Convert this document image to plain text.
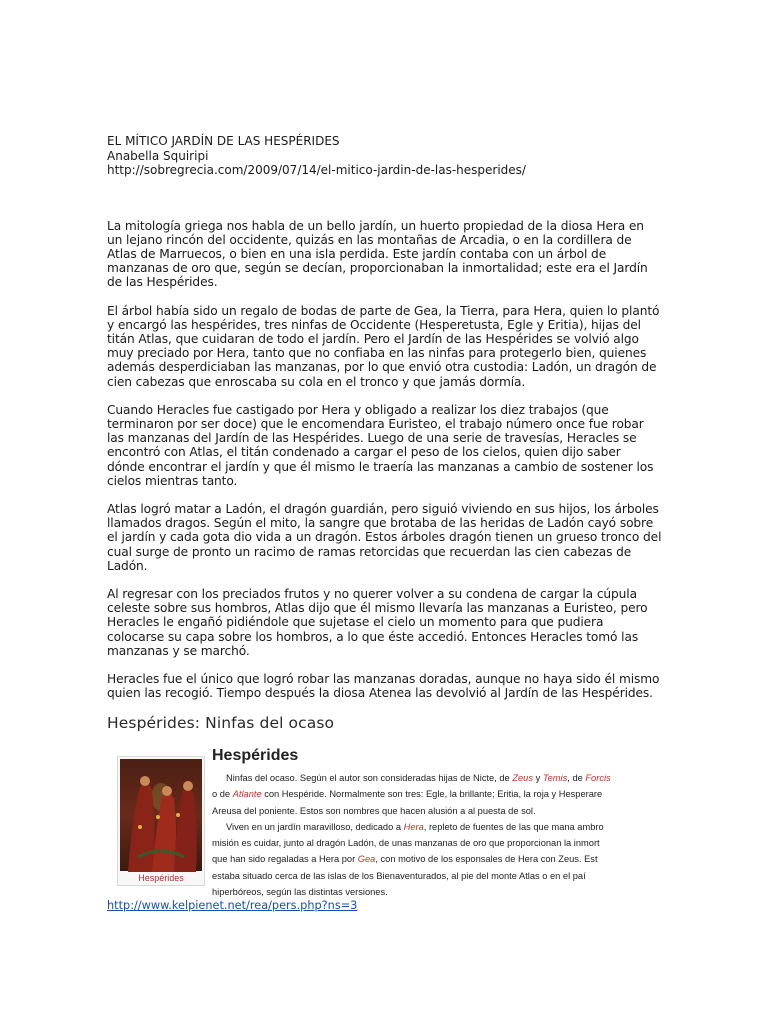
EL MÍTICO JARDÍN DE LAS HESPÉRIDES

Anabella Squiripi

http://sobregrecia.com/2009/07/14/el-mitico-jardin-de-las-hesperides/

La mitología griega nos habla de un bello jardín, un huerto propiedad de la diosa Hera en un lejano rincón del occidente, quizás en las montañas de Arcadia, o en la cordillera de Atlas de Marruecos, o bien en una isla perdida. Este jardín contaba con un árbol de manzanas de oro que, según se decían, proporcionaban la inmortalidad; este era el Jardín de las Hespérides.

El árbol había sido un regalo de bodas de parte de Gea, la Tierra, para Hera, quien lo plantó y encargó las hespérides, tres ninfas de Occidente (Hesperetusta, Egle y Eritia), hijas del titán Atlas, que cuidaran de todo el jardín. Pero el Jardín de las Hespérides se volvió algo muy preciado por Hera, tanto que no confiaba en las ninfas para protegerlo bien, quienes además desperdiciaban las manzanas, por lo que envió otra custodia: Ladón, un dragón de cien cabezas que enroscaba su cola en el tronco y que jamás dormía.

Cuando Heracles fue castigado por Hera y obligado a realizar los diez trabajos (que terminaron por ser doce) que le encomendara Euristeo, el trabajo número once fue robar las manzanas del Jardín de las Hespérides. Luego de una serie de travesías, Heracles se encontró con Atlas, el titán condenado a cargar el peso de los cielos, quien dijo saber dónde encontrar el jardín y que él mismo le traería las manzanas a cambio de sostener los cielos mientras tanto.

Atlas logró matar a Ladón, el dragón guardián, pero siguió viviendo en sus hijos, los árboles llamados dragos. Según el mito, la sangre que brotaba de las heridas de Ladón cayó sobre el jardín y cada gota dio vida a un dragón. Estos árboles dragón tienen un grueso tronco del cual surge de pronto un racimo de ramas retorcidas que recuerdan las cien cabezas de Ladón.

Al regresar con los preciados frutos y no querer volver a su condena de cargar la cúpula celeste sobre sus hombros, Atlas dijo que él mismo llevaría las manzanas a Euristeo, pero Heracles le engañó pidiéndole que sujetase el cielo un momento para que pudiera colocarse su capa sobre los hombros, a lo que éste accedió. Entonces Heracles tomó las manzanas y se marchó.

Heracles fue el único que logró robar las manzanas doradas, aunque no haya sido él mismo quien las recogió. Tiempo después la diosa Atenea las devolvió al Jardín de las Hespérides.

Hespérides: Ninfas del ocaso
Hespérides
Hespérides
Ninfas del ocaso. Según el autor son consideradas hijas de Nicte, de Zeus y Temis, de Forcis
o de Atlante con Hespéride. Normalmente son tres: Egle, la brillante; Eritia, la roja y Hesperare
Areusa del poniente. Estos son nombres que hacen alusión a al puesta de sol.
Viven en un jardín maravilloso, dedicado a Hera, repleto de fuentes de las que mana ambro
misión es cuidar, junto al dragón Ladón, de unas manzanas de oro que proporcionan la inmort
que han sido regaladas a Hera por Gea, con motivo de los esponsales de Hera con Zeus. Est
estaba situado cerca de las islas de los Bienaventurados, al pie del monte Atlas o en el paí
hiperbóreos, según las distintas versiones.
http://www.kelpienet.net/rea/pers.php?ns=3
